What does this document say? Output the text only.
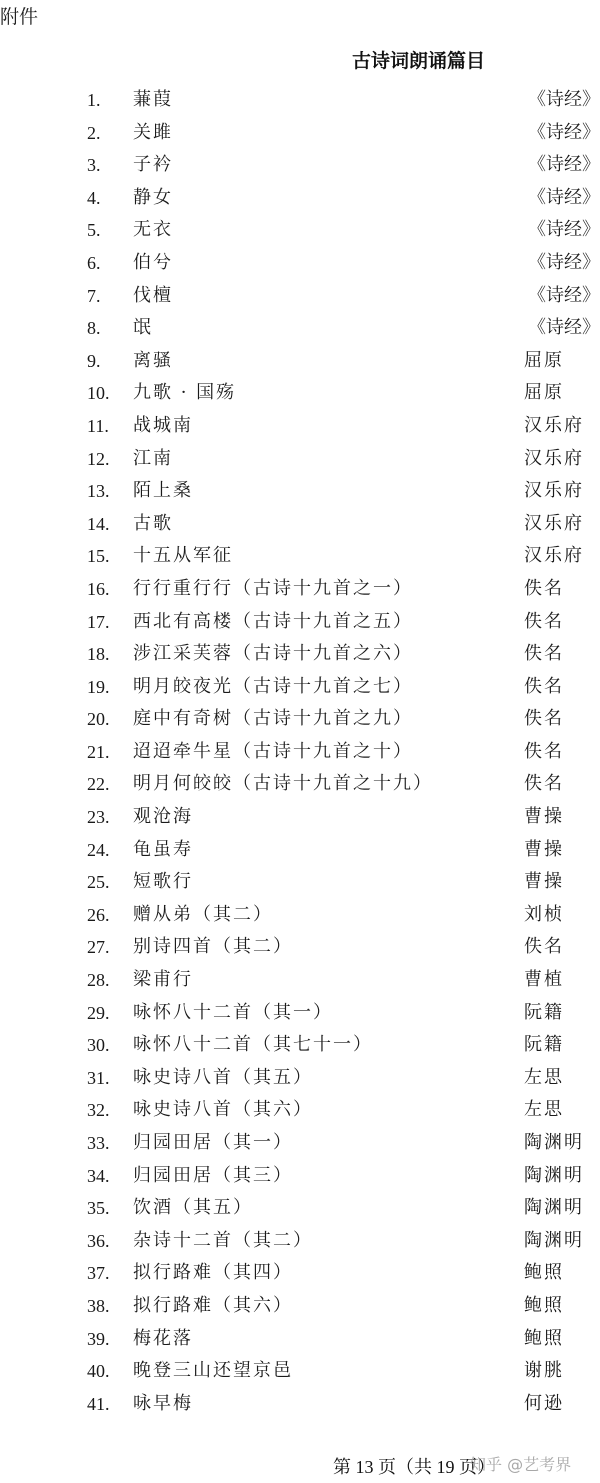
附件
古诗词朗诵篇目
1.	蒹葭	《诗经》
2.	关雎	《诗经》
3.	子衿	《诗经》
4.	静女	《诗经》
5.	无衣	《诗经》
6.	伯兮	《诗经》
7.	伐檀	《诗经》
8.	氓	《诗经》
9.	离骚	屈原
10.	九歌 · 国殇	屈原
11.	战城南	汉乐府
12.	江南	汉乐府
13.	陌上桑	汉乐府
14.	古歌	汉乐府
15.	十五从军征	汉乐府
16.	行行重行行（古诗十九首之一）	佚名
17.	西北有高楼（古诗十九首之五）	佚名
18.	涉江采芙蓉（古诗十九首之六）	佚名
19.	明月皎夜光（古诗十九首之七）	佚名
20.	庭中有奇树（古诗十九首之九）	佚名
21.	迢迢牵牛星（古诗十九首之十）	佚名
22.	明月何皎皎（古诗十九首之十九）	佚名
23.	观沧海	曹操
24.	龟虽寿	曹操
25.	短歌行	曹操
26.	赠从弟（其二）	刘桢
27.	别诗四首（其二）	佚名
28.	梁甫行	曹植
29.	咏怀八十二首（其一）	阮籍
30.	咏怀八十二首（其七十一）	阮籍
31.	咏史诗八首（其五）	左思
32.	咏史诗八首（其六）	左思
33.	归园田居（其一）	陶渊明
34.	归园田居（其三）	陶渊明
35.	饮酒（其五）	陶渊明
36.	杂诗十二首（其二）	陶渊明
37.	拟行路难（其四）	鲍照
38.	拟行路难（其六）	鲍照
39.	梅花落	鲍照
40.	晚登三山还望京邑	谢朓
41.	咏早梅	何逊
第 13 页（共 19 页）
知乎 @艺考界
